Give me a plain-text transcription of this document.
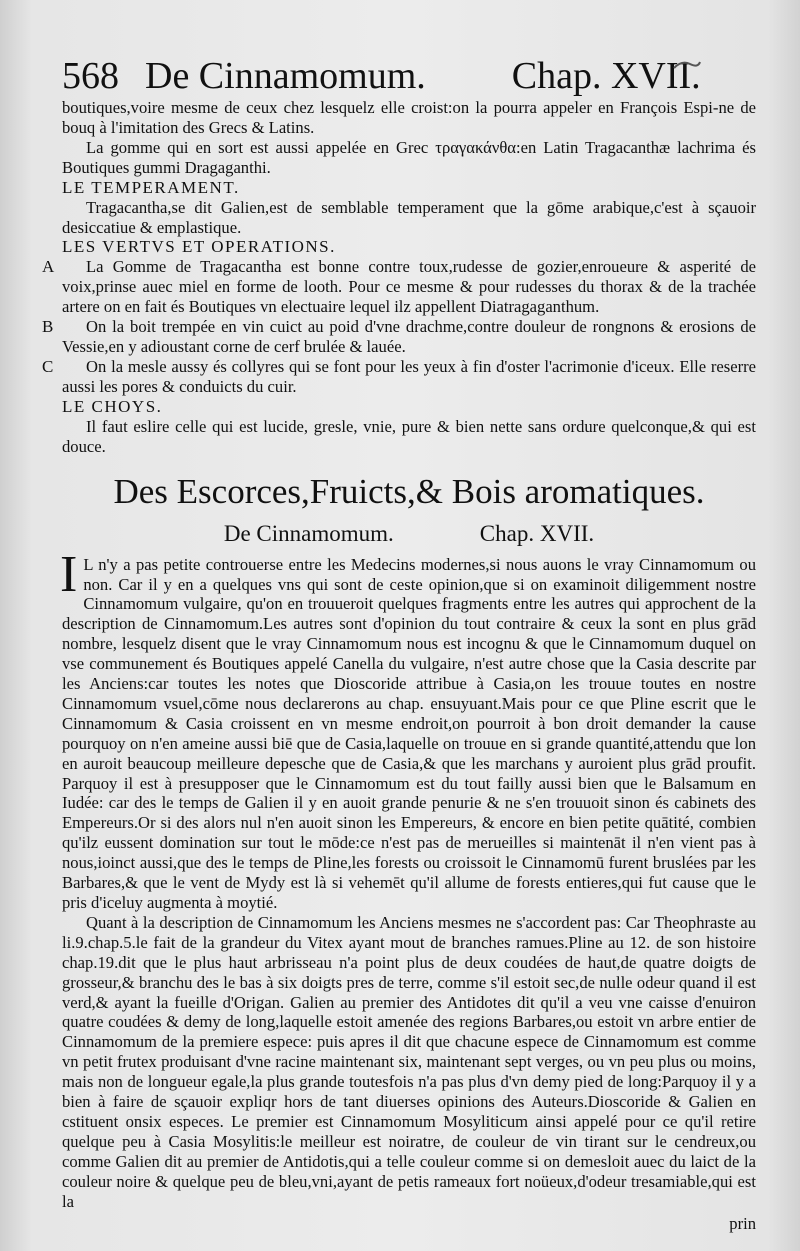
568 De Cinnamomum. Chap. XVII.

boutiques,voire mesme de ceux chez lesquelz elle croist:on la pourra appeler en François Espi-ne de bouq à l'imitation des Grecs & Latins.

La gomme qui en sort est aussi appelée en Grec τραγακάνθα:en Latin Tragacanthæ lachrima és Boutiques gummi Dragaganthi.

LE TEMPERAMENT.

Tragacantha,se dit Galien,est de semblable temperament que la gōme arabique,c'est à sçauoir desiccatiue & emplastique.

LES VERTVS ET OPERATIONS.

A	La Gomme de Tragacantha est bonne contre toux,rudesse de gozier,enroueure & asperité de voix,prinse auec miel en forme de looth. Pour ce mesme & pour rudesses du thorax & de la trachée artere on en fait és Boutiques vn electuaire lequel ilz appellent Diatragaganthum.

B	On la boit trempée en vin cuict au poid d'vne drachme,contre douleur de rongnons & erosions de Vessie,en y adioustant corne de cerf brulée & lauée.

C	On la mesle aussy és collyres qui se font pour les yeux à fin d'oster l'acrimonie d'iceux. Elle reserre aussi les pores & conduicts du cuir.

LE CHOYS.

Il faut eslire celle qui est lucide, gresle, vnie, pure & bien nette sans ordure quelconque,& qui est douce.

Des Escorces,Fruicts,& Bois aromatiques.
De Cinnamomum.	Chap. XVII.

I L n'y a pas petite controuerse entre les Medecins modernes,si nous auons le vray Cinnamomum ou non. Car il y en a quelques vns qui sont de ceste opinion,que si on examinoit diligemment nostre Cinnamomum vulgaire, qu'on en trouueroit quelques fragments entre les autres qui approchent de la description de Cinnamomum.Les autres sont d'opinion du tout contraire & ceux la sont en plus grād nombre, lesquelz disent que le vray Cinnamomum nous est incognu & que le Cinnamomum duquel on vse communement és Boutiques appelé Canella du vulgaire, n'est autre chose que la Casia descrite par les Anciens:car toutes les notes que Dioscoride attribue à Casia,on les trouue toutes en nostre Cinnamomum vsuel,cōme nous declarerons au chap. ensuyuant.Mais pour ce que Pline escrit que le Cinnamomum & Casia croissent en vn mesme endroit,on pourroit à bon droit demander la cause pourquoy on n'en ameine aussi biē que de Casia,laquelle on trouue en si grande quantité,attendu que lon en auroit beaucoup meilleure depesche que de Casia,& que les marchans y auroient plus grād proufit. Parquoy il est à presupposer que le Cinnamomum est du tout failly aussi bien que le Balsamum en Iudée: car des le temps de Galien il y en auoit grande penurie & ne s'en trouuoit sinon és cabinets des Empereurs.Or si des alors nul n'en auoit sinon les Empereurs, & encore en bien petite quātité, combien qu'ilz eussent domination sur tout le mōde:ce n'est pas de merueilles si maintenāt il n'en vient pas à nous,ioinct aussi,que des le temps de Pline,les forests ou croissoit le Cinnamomū furent bruslées par les Barbares,& que le vent de Mydy est là si vehemēt qu'il allume de forests entieres,qui fut cause que le pris d'iceluy augmenta à moytié.

Quant à la description de Cinnamomum les Anciens mesmes ne s'accordent pas: Car Theophraste au li.9.chap.5.le fait de la grandeur du Vitex ayant mout de branches ramues.Pline au 12. de son histoire chap.19.dit que le plus haut arbrisseau n'a point plus de deux coudées de haut,de quatre doigts de grosseur,& branchu des le bas à six doigts pres de terre, comme s'il estoit sec,de nulle odeur quand il est verd,& ayant la fueille d'Origan. Galien au premier des Antidotes dit qu'il a veu vne caisse d'enuiron quatre coudées & demy de long,laquelle estoit amenée des regions Barbares,ou estoit vn arbre entier de Cinnamomum de la premiere espece: puis apres il dit que chacune espece de Cinnamomum est comme vn petit frutex produisant d'vne racine maintenant six, maintenant sept verges, ou vn peu plus ou moins, mais non de longueur egale,la plus grande toutesfois n'a pas plus d'vn demy pied de long:Parquoy il y a bien à faire de sçauoir expliqr hors de tant diuerses opinions des Auteurs.Dioscoride & Galien en cstituent onsix especes. Le premier est Cinnamomum Mosyliticum ainsi appelé pour ce qu'il retire quelque peu à Casia Mosylitis:le meilleur est noiratre, de couleur de vin tirant sur le cendreux,ou comme Galien dit au premier de Antidotis,qui a telle couleur comme si on demesloit auec du laict de la couleur noire & quelque peu de bleu,vni,ayant de petis rameaux fort noüeux,d'odeur tresamiable,qui est la

prin
